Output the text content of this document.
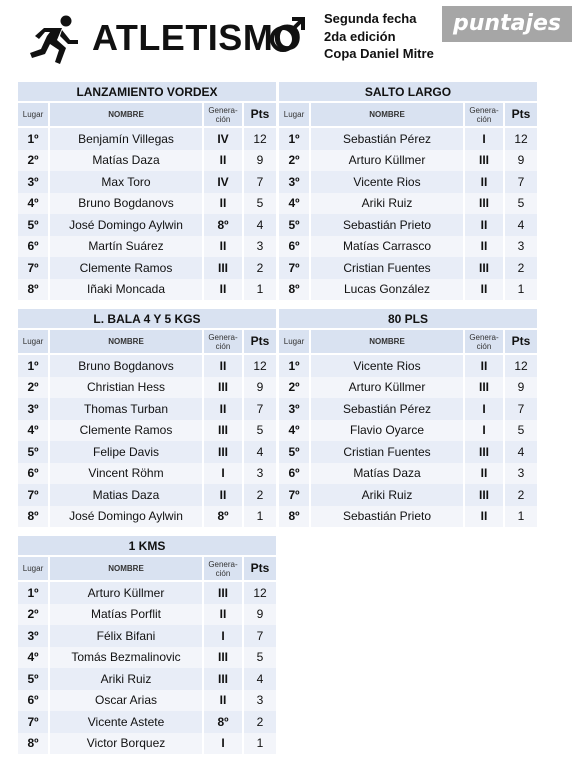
ATLETISMO Segunda fecha
2da edición
Copa Daniel Mitre
puntajes
LANZAMIENTO VORDEX
Lugar	NOMBRE	Genera-
ción	Pts
1º	Benjamín Villegas	IV	12
2º	Matías Daza	II	9
3º	Max Toro	IV	7
4º	Bruno Bogdanovs	II	5
5º	José Domingo Aylwin	8º	4
6º	Martín Suárez	II	3
7º	Clemente Ramos	III	2
8º	Iñaki Moncada	II	1
SALTO LARGO
Lugar	NOMBRE	Genera-
ción	Pts
1º	Sebastián Pérez	I	12
2º	Arturo Küllmer	III	9
3º	Vicente Rios	II	7
4º	Ariki Ruiz	III	5
5º	Sebastián Prieto	II	4
6º	Matías Carrasco	II	3
7º	Cristian Fuentes	III	2
8º	Lucas González	II	1
L. BALA 4 Y 5 KGS
Lugar	NOMBRE	Genera-
ción	Pts
1º	Bruno Bogdanovs	II	12
2º	Christian Hess	III	9
3º	Thomas Turban	II	7
4º	Clemente Ramos	III	5
5º	Felipe Davis	III	4
6º	Vincent Röhm	I	3
7º	Matias Daza	II	2
8º	José Domingo Aylwin	8º	1
80 PLS
Lugar	NOMBRE	Genera-
ción	Pts
1º	Vicente Rios	II	12
2º	Arturo Küllmer	III	9
3º	Sebastián Pérez	I	7
4º	Flavio Oyarce	I	5
5º	Cristian Fuentes	III	4
6º	Matías Daza	II	3
7º	Ariki Ruiz	III	2
8º	Sebastián Prieto	II	1
1 KMS
Lugar	NOMBRE	Genera-
ción	Pts
1º	Arturo Küllmer	III	12
2º	Matías Porflit	II	9
3º	Félix Bifani	I	7
4º	Tomás Bezmalinovic	III	5
5º	Ariki Ruiz	III	4
6º	Oscar Arias	II	3
7º	Vicente Astete	8º	2
8º	Victor Borquez	I	1
